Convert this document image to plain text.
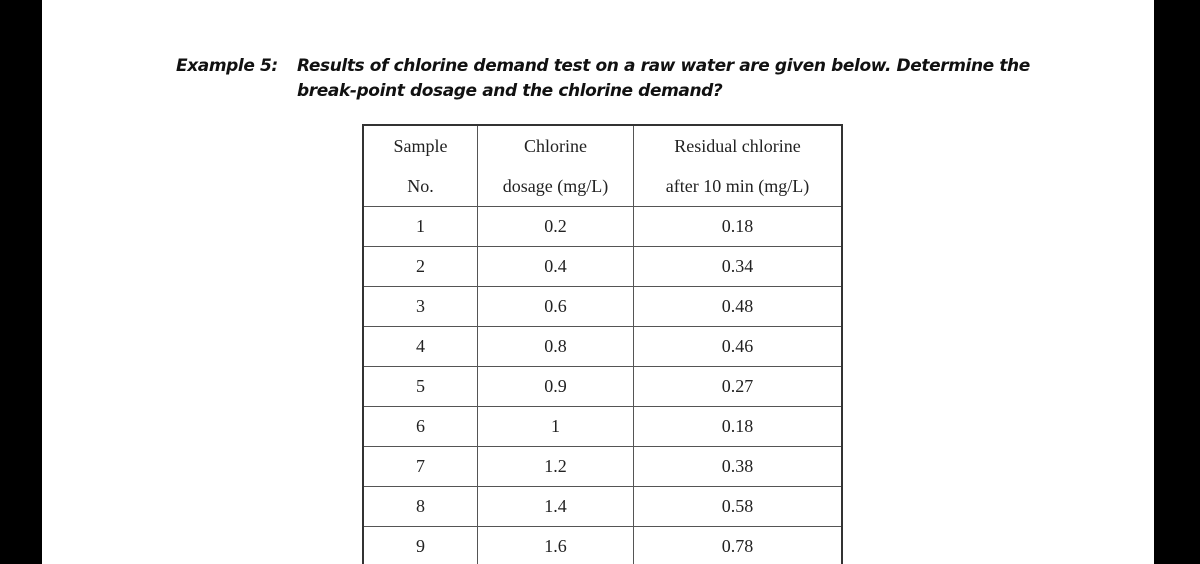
Example 5: Results of chlorine demand test on a raw water are given below. Determine the
break-point dosage and the chlorine demand?
Sample	Chlorine	Residual chlorine
No.	dosage (mg/L)	after 10 min (mg/L)
1	0.2	0.18
2	0.4	0.34
3	0.6	0.48
4	0.8	0.46
5	0.9	0.27
6	1	0.18
7	1.2	0.38
8	1.4	0.58
9	1.6	0.78
